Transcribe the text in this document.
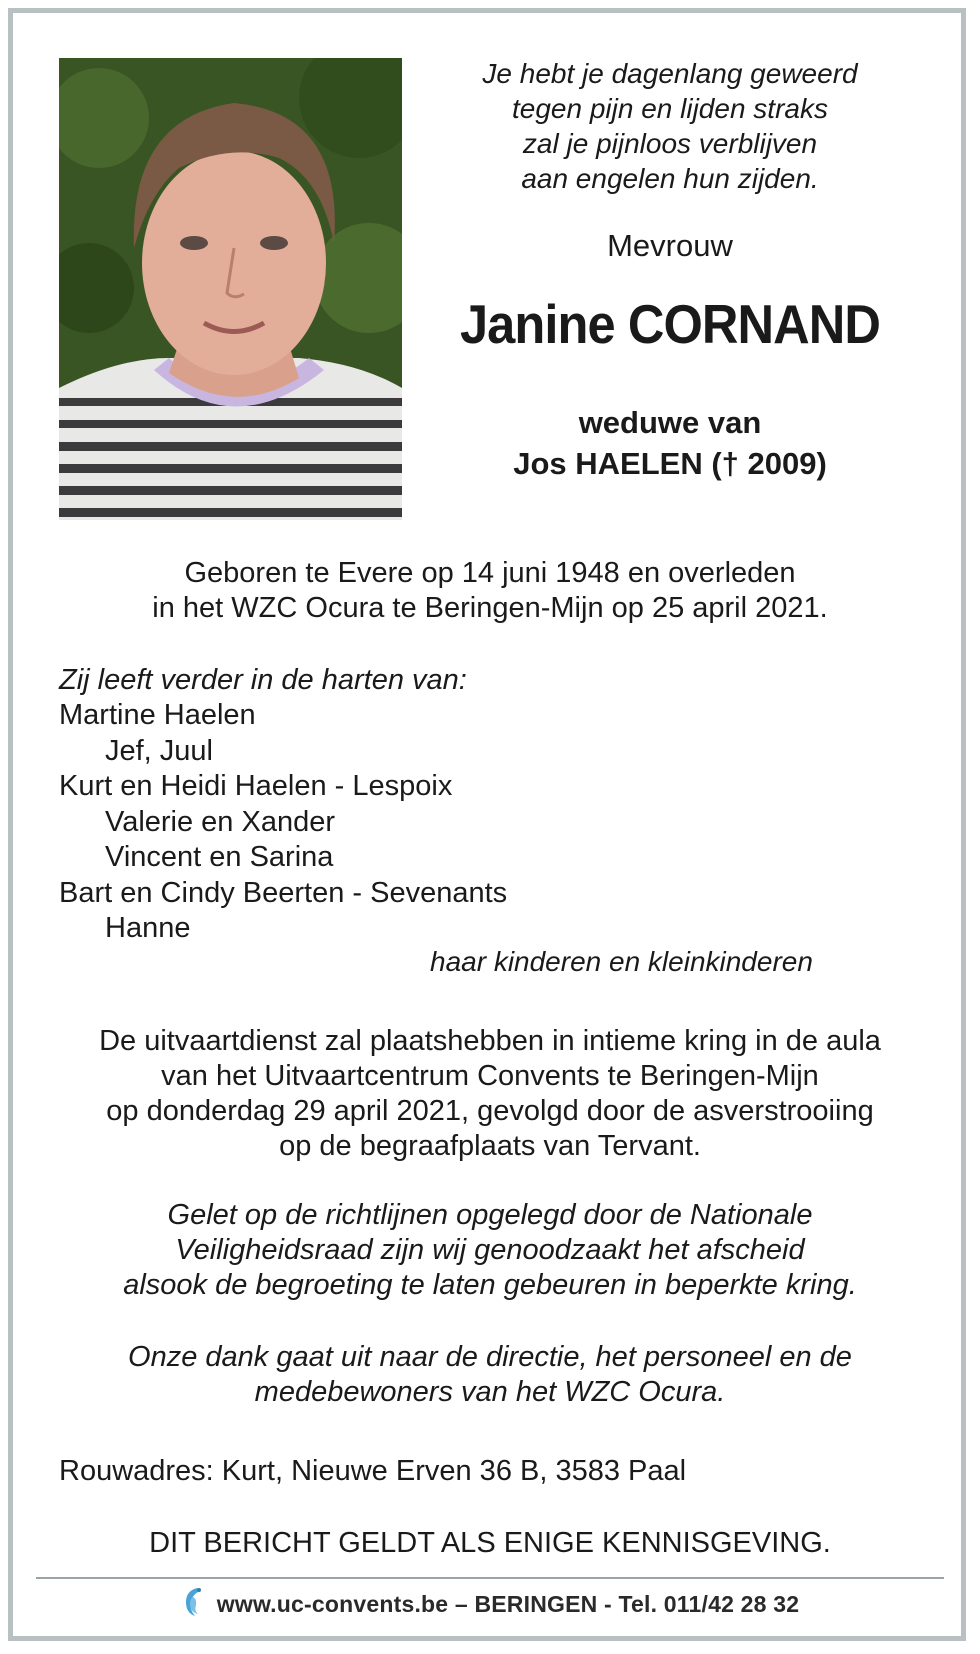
Je hebt je dagenlang geweerd
tegen pijn en lijden straks
zal je pijnloos verblijven
aan engelen hun zijden.
Mevrouw
Janine CORNAND
weduwe van
Jos HAELEN († 2009)
Geboren te Evere op 14 juni 1948 en overleden
in het WZC Ocura te Beringen-Mijn op 25 april 2021.
Zij leeft verder in de harten van:
Martine Haelen
Jef, Juul
Kurt en Heidi Haelen - Lespoix
Valerie en Xander
Vincent en Sarina
Bart en Cindy Beerten - Sevenants
Hanne
haar kinderen en kleinkinderen
De uitvaartdienst zal plaatshebben in intieme kring in de aula
van het Uitvaartcentrum Convents te Beringen-Mijn
op donderdag 29 april 2021, gevolgd door de asverstrooiing
op de begraafplaats van Tervant.
Gelet op de richtlijnen opgelegd door de Nationale
Veiligheidsraad zijn wij genoodzaakt het afscheid
alsook de begroeting te laten gebeuren in beperkte kring.
Onze dank gaat uit naar de directie, het personeel en de
medebewoners van het WZC Ocura.
Rouwadres: Kurt, Nieuwe Erven 36 B, 3583 Paal
DIT BERICHT GELDT ALS ENIGE KENNISGEVING.
www.uc-convents.be – BERINGEN - Tel. 011/42 28 32
